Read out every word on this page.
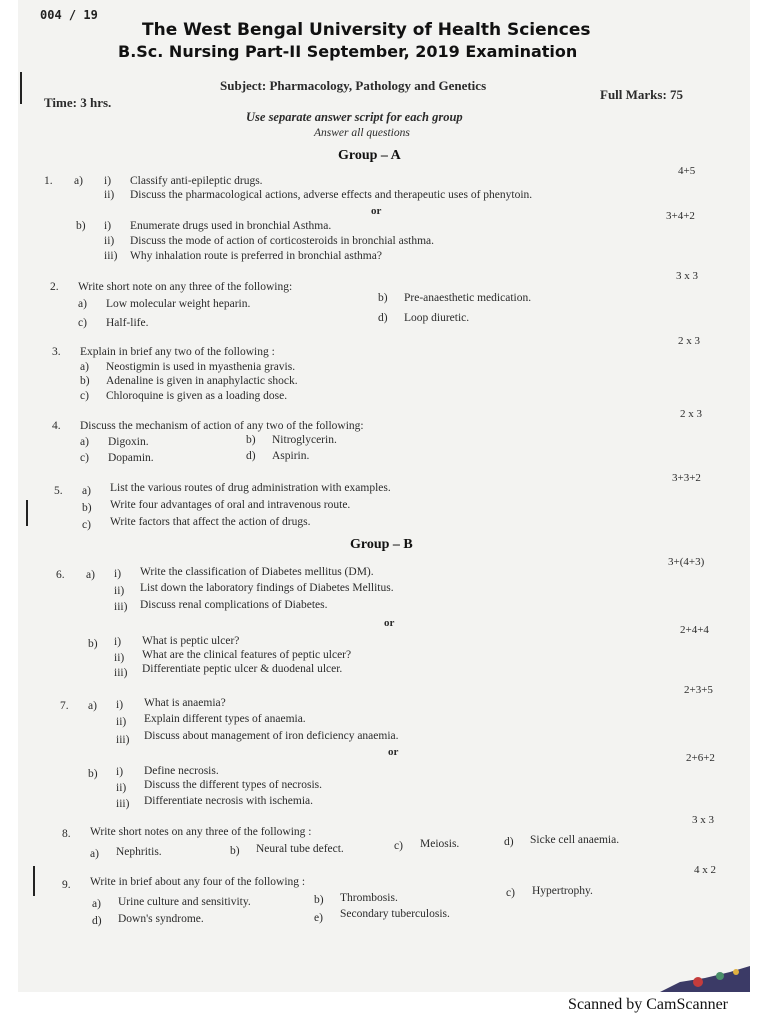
004 / 19
The West Bengal University of Health Sciences
B.Sc. Nursing Part-II September, 2019 Examination
Subject: Pharmacology, Pathology and Genetics
Time: 3 hrs.
Full Marks: 75
Use separate answer script for each group
Answer all questions
Group – A
1. a) i) Classify anti-epileptic drugs.
ii) Discuss the pharmacological actions, adverse effects and therapeutic uses of phenytoin.
4+5
or
b) i) Enumerate drugs used in bronchial Asthma.
ii) Discuss the mode of action of corticosteroids in bronchial asthma.
iii) Why inhalation route is preferred in bronchial asthma?
3+4+2
2. Write short note on any three of the following:
3 x 3
a) Low molecular weight heparin.	b) Pre-anaesthetic medication.
c) Half-life.	d) Loop diuretic.
3. Explain in brief any two of the following :
2 x 3
a) Neostigmin is used in myasthenia gravis.
b) Adenaline is given in anaphylactic shock.
c) Chloroquine is given as a loading dose.
4. Discuss the mechanism of action of any two of the following:
2 x 3
a) Digoxin.	b) Nitroglycerin.
c) Dopamin.	d) Aspirin.
5.
3+3+2
a) List the various routes of drug administration with examples.
b) Write four advantages of oral and intravenous route.
c) Write factors that affect the action of drugs.
Group – B
6. a)
3+(4+3)
i) Write the classification of Diabetes mellitus (DM).
ii) List down the laboratory findings of Diabetes Mellitus.
iii) Discuss renal complications of Diabetes.
or
b)
2+4+4
i) What is peptic ulcer?
ii) What are the clinical features of peptic ulcer?
iii) Differentiate peptic ulcer & duodenal ulcer.
7. a)
2+3+5
i) What is anaemia?
ii) Explain different types of anaemia.
iii) Discuss about management of iron deficiency anaemia.
or
b)
2+6+2
i) Define necrosis.
ii) Discuss the different types of necrosis.
iii) Differentiate necrosis with ischemia.
8. Write short notes on any three of the following :
3 x 3
a) Nephritis.	b) Neural tube defect.	c) Meiosis.	d) Sicke cell anaemia.
9. Write in brief about any four of the following :
4 x 2
a) Urine culture and sensitivity.	b) Thrombosis.	c) Hypertrophy.
d) Down's syndrome.	e) Secondary tuberculosis.
Scanned by CamScanner
